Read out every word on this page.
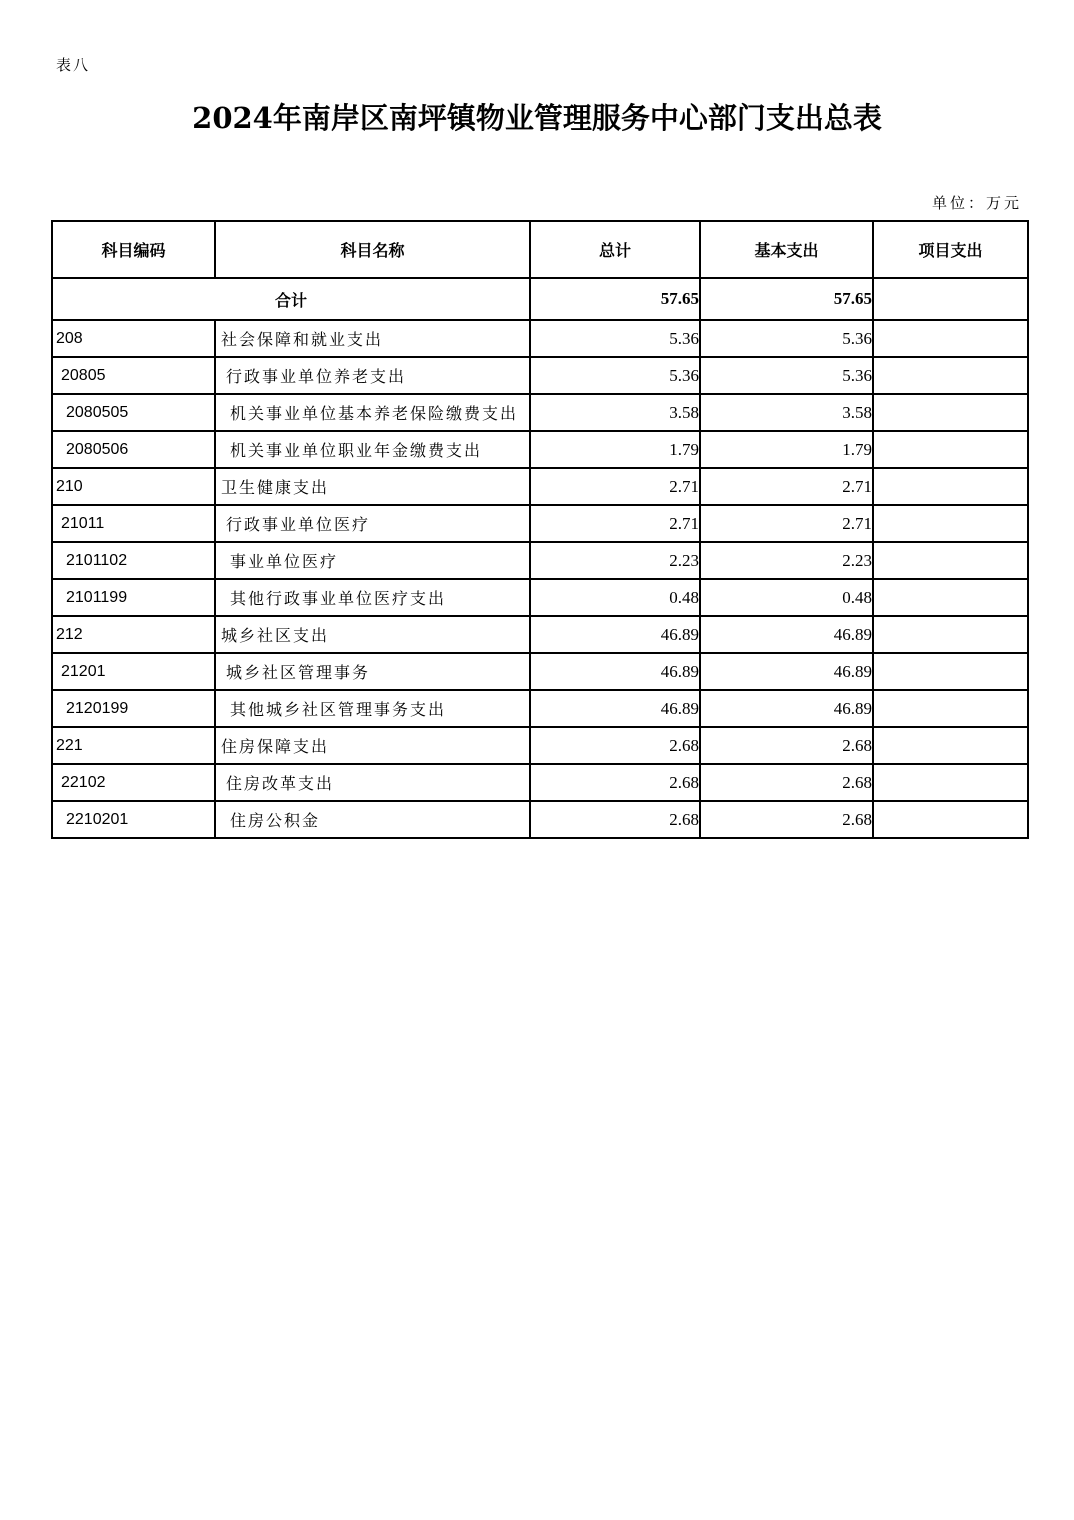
表八
2024年南岸区南坪镇物业管理服务中心部门支出总表
单位：万元
科目编码	科目名称	总计	基本支出	项目支出
合计		57.65	57.65	
208	社会保障和就业支出	5.36	5.36	
20805	行政事业单位养老支出	5.36	5.36	
2080505	机关事业单位基本养老保险缴费支出	3.58	3.58	
2080506	机关事业单位职业年金缴费支出	1.79	1.79	
210	卫生健康支出	2.71	2.71	
21011	行政事业单位医疗	2.71	2.71	
2101102	事业单位医疗	2.23	2.23	
2101199	其他行政事业单位医疗支出	0.48	0.48	
212	城乡社区支出	46.89	46.89	
21201	城乡社区管理事务	46.89	46.89	
2120199	其他城乡社区管理事务支出	46.89	46.89	
221	住房保障支出	2.68	2.68	
22102	住房改革支出	2.68	2.68	
2210201	住房公积金	2.68	2.68	
